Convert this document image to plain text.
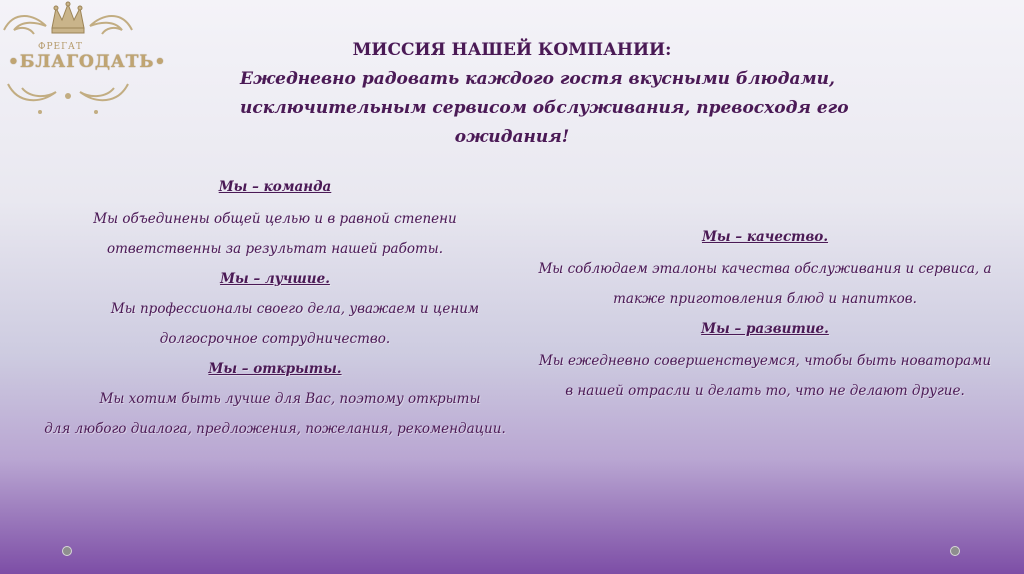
ФРЕГАТ
•БЛАГОДАТЬ•
МИССИЯ НАШЕЙ КОМПАНИИ:
Ежедневно радовать каждого гостя вкусными блюдами,
исключительным сервисом обслуживания, превосходя его
ожидания!
Мы – команда
Мы объединены общей целью и в равной степени
ответственны за результат нашей работы.
Мы – лучшие.
Мы профессионалы своего дела, уважаем и ценим
долгосрочное сотрудничество.
Мы – открыты.
Мы хотим быть лучше для Вас, поэтому открыты
для любого диалога, предложения, пожелания, рекомендации.
Мы – качество.
Мы соблюдаем эталоны качества обслуживания и сервиса, а
также приготовления блюд и напитков.
Мы – развитие.
Мы ежедневно совершенствуемся, чтобы быть новаторами
в нашей отрасли и делать то, что не делают другие.
